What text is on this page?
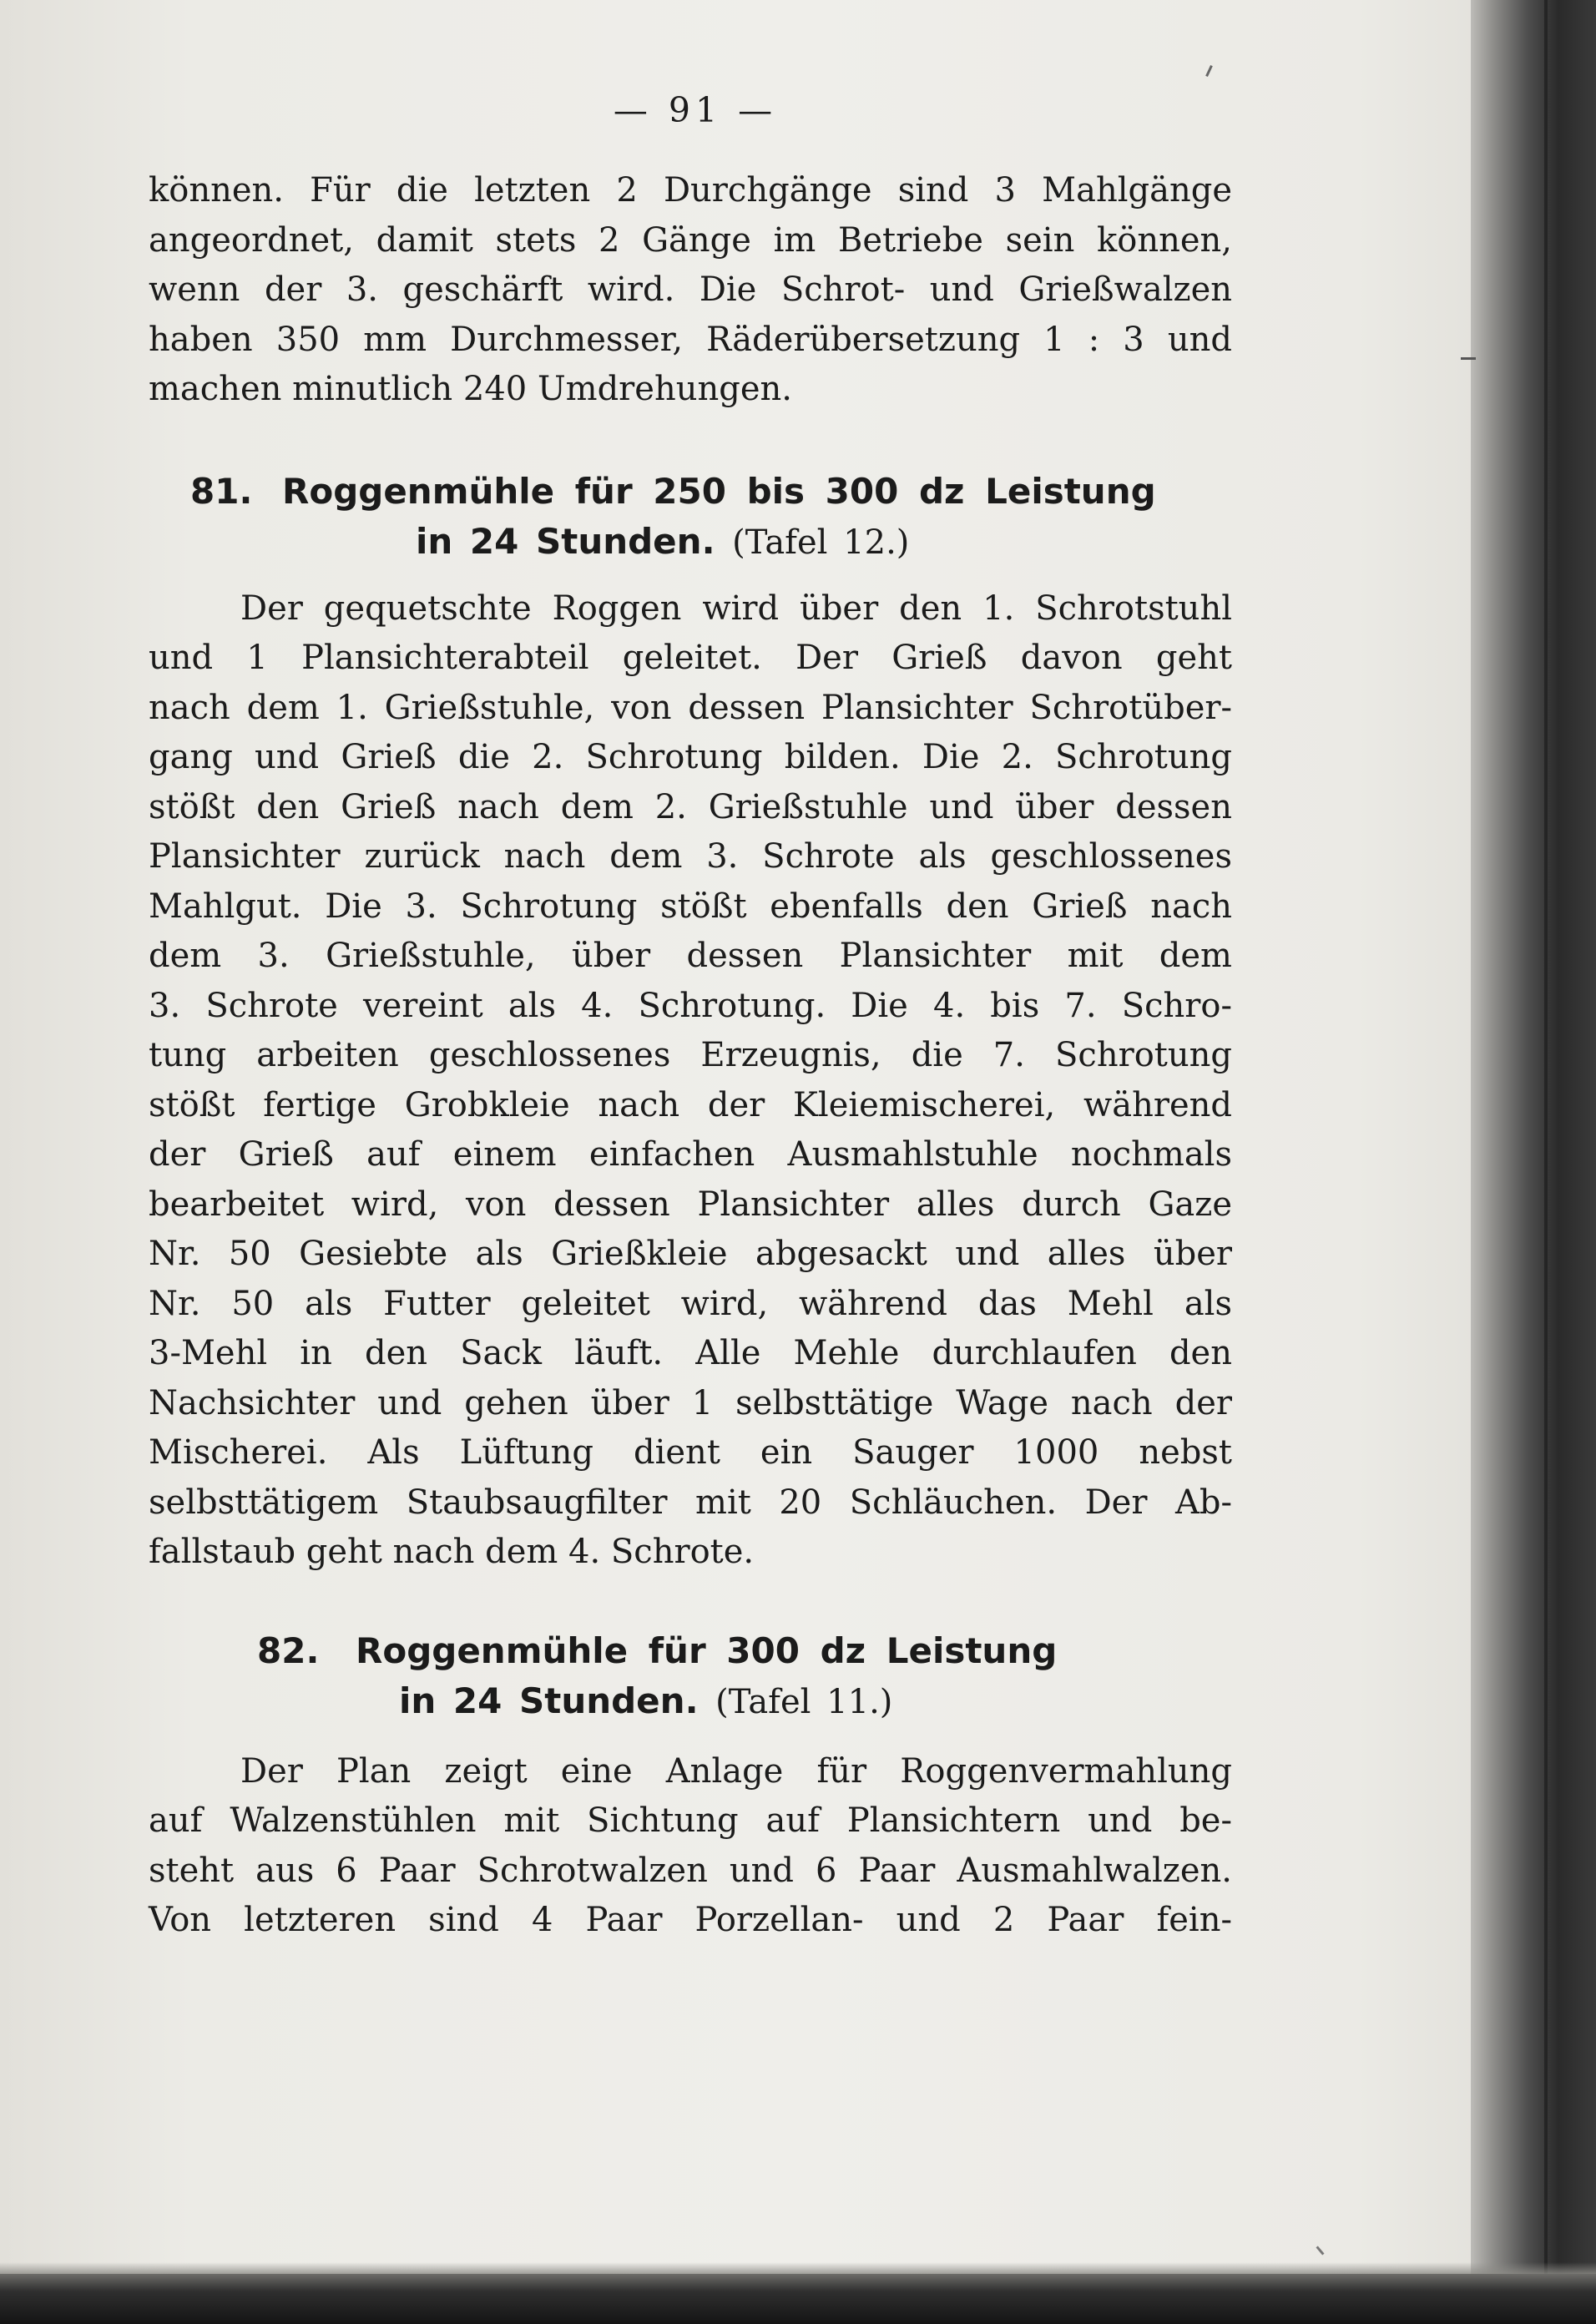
— 91 —
können. Für die letzten 2 Durchgänge sind 3 Mahlgänge
angeordnet, damit stets 2 Gänge im Betriebe sein können,
wenn der 3. geschärft wird. Die Schrot- und Grießwalzen
haben 350 mm Durchmesser, Räderübersetzung 1 : 3 und
machen minutlich 240 Umdrehungen.
81. Roggenmühle für 250 bis 300 dz Leistung
in 24 Stunden. (Tafel 12.)
Der gequetschte Roggen wird über den 1. Schrotstuhl
und 1 Plansichterabteil geleitet. Der Grieß davon geht
nach dem 1. Grießstuhle, von dessen Plansichter Schrotüber-
gang und Grieß die 2. Schrotung bilden. Die 2. Schrotung
stößt den Grieß nach dem 2. Grießstuhle und über dessen
Plansichter zurück nach dem 3. Schrote als geschlossenes
Mahlgut. Die 3. Schrotung stößt ebenfalls den Grieß nach
dem 3. Grießstuhle, über dessen Plansichter mit dem
3. Schrote vereint als 4. Schrotung. Die 4. bis 7. Schro-
tung arbeiten geschlossenes Erzeugnis, die 7. Schrotung
stößt fertige Grobkleie nach der Kleiemischerei, während
der Grieß auf einem einfachen Ausmahlstuhle nochmals
bearbeitet wird, von dessen Plansichter alles durch Gaze
Nr. 50 Gesiebte als Grießkleie abgesackt und alles über
Nr. 50 als Futter geleitet wird, während das Mehl als
3-Mehl in den Sack läuft. Alle Mehle durchlaufen den
Nachsichter und gehen über 1 selbsttätige Wage nach der
Mischerei. Als Lüftung dient ein Sauger 1000 nebst
selbsttätigem Staubsaugfilter mit 20 Schläuchen. Der Ab-
fallstaub geht nach dem 4. Schrote.
82. Roggenmühle für 300 dz Leistung
in 24 Stunden. (Tafel 11.)
Der Plan zeigt eine Anlage für Roggenvermahlung
auf Walzenstühlen mit Sichtung auf Plansichtern und be-
steht aus 6 Paar Schrotwalzen und 6 Paar Ausmahlwalzen.
Von letzteren sind 4 Paar Porzellan- und 2 Paar fein-
